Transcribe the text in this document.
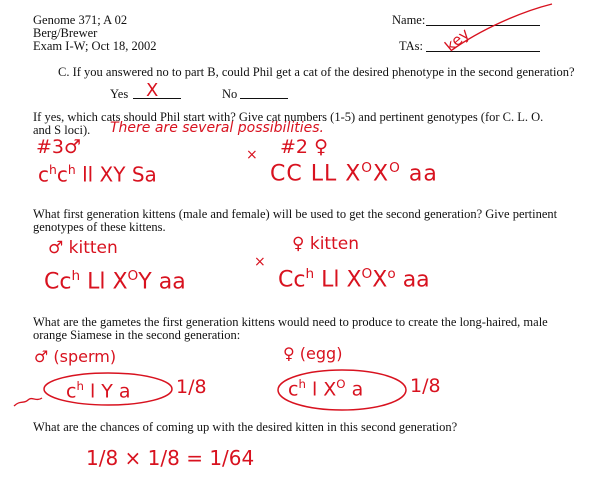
Genome 371; A 02
Berg/Brewer
Exam I-W; Oct 18, 2002
Name:
TAs: key
C. If you answered no to part B, could Phil get a cat of the desired phenotype in the second generation?
Yes X	No
If yes, which cats should Phil start with? Give cat numbers (1-5) and pertinent genotypes (for C. L. O.
and S loci). There are several possibilities.
#3♂
$c^hc^h$ ll XY Sa
× #2 ♀
CC LL $X^OX^O$ aa
What first generation kittens (male and female) will be used to get the second generation? Give pertinent
genotypes of these kittens.
♂ kitten
Cc$^h$ Ll $X^OY$ aa
×
♀ kitten
Cc$^h$ Ll $X^OX^o$ aa
What are the gametes the first generation kittens would need to produce to create the long-haired, male
orange Siamese in the second generation:
♂ (sperm)
$c^h$ l Y a 1/8
♀ (egg)
$c^h$ l $X^O$ a 1/8
What are the chances of coming up with the desired kitten in this second generation?
1/8 × 1/8 = 1/64
